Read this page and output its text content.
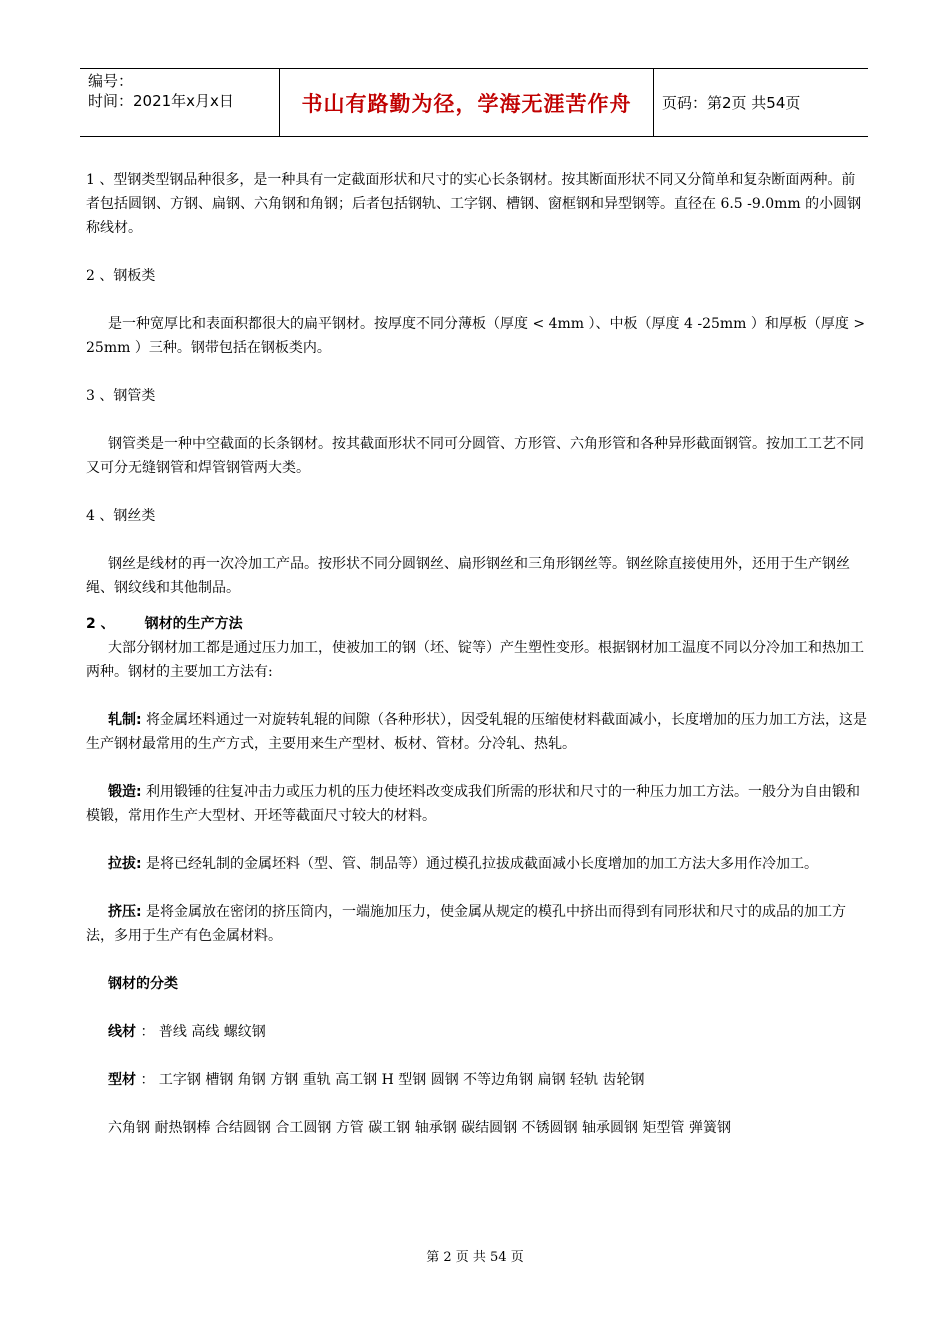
编号：
时间：2021年x月x日	书山有路勤为径，学海无涯苦作舟	页码：第2页 共54页

1 、型钢类型钢品种很多，是一种具有一定截面形状和尺寸的实心长条钢材。按其断面形状不同又分简单和复杂断面两种。前者包括圆钢、方钢、扁钢、六角钢和角钢；后者包括钢轨、工字钢、槽钢、窗框钢和异型钢等。直径在 6.5 -9.0mm 的小圆钢称线材。

2 、钢板类

是一种宽厚比和表面积都很大的扁平钢材。按厚度不同分薄板（厚度 < 4mm ）、中板（厚度 4 -25mm ）和厚板（厚度 > 25mm ）三种。钢带包括在钢板类内。

3 、钢管类

钢管类是一种中空截面的长条钢材。按其截面形状不同可分圆管、方形管、六角形管和各种异形截面钢管。按加工工艺不同又可分无缝钢管和焊管钢管两大类。

4 、钢丝类

钢丝是线材的再一次冷加工产品。按形状不同分圆钢丝、扁形钢丝和三角形钢丝等。钢丝除直接使用外，还用于生产钢丝绳、钢纹线和其他制品。

2 、 钢材的生产方法

大部分钢材加工都是通过压力加工，使被加工的钢（坯、锭等）产生塑性变形。根据钢材加工温度不同以分冷加工和热加工两种。钢材的主要加工方法有:

轧制: 将金属坯料通过一对旋转轧辊的间隙（各种形状），因受轧辊的压缩使材料截面减小，长度增加的压力加工方法，这是生产钢材最常用的生产方式，主要用来生产型材、板材、管材。分冷轧、热轧。

锻造: 利用锻锤的往复冲击力或压力机的压力使坯料改变成我们所需的形状和尺寸的一种压力加工方法。一般分为自由锻和模锻，常用作生产大型材、开坯等截面尺寸较大的材料。

拉拔: 是将已经轧制的金属坯料（型、管、制品等）通过模孔拉拔成截面减小长度增加的加工方法大多用作冷加工。

挤压: 是将金属放在密闭的挤压筒内，一端施加压力，使金属从规定的模孔中挤出而得到有同形状和尺寸的成品的加工方法，多用于生产有色金属材料。

钢材的分类

线材 ： 普线 高线 螺纹钢

型材 ： 工字钢 槽钢 角钢 方钢 重轨 高工钢 H 型钢 圆钢 不等边角钢 扁钢 轻轨 齿轮钢

六角钢 耐热钢棒 合结圆钢 合工圆钢 方管 碳工钢 轴承钢 碳结圆钢 不锈圆钢 轴承圆钢 矩型管 弹簧钢

第 2 页 共 54 页
